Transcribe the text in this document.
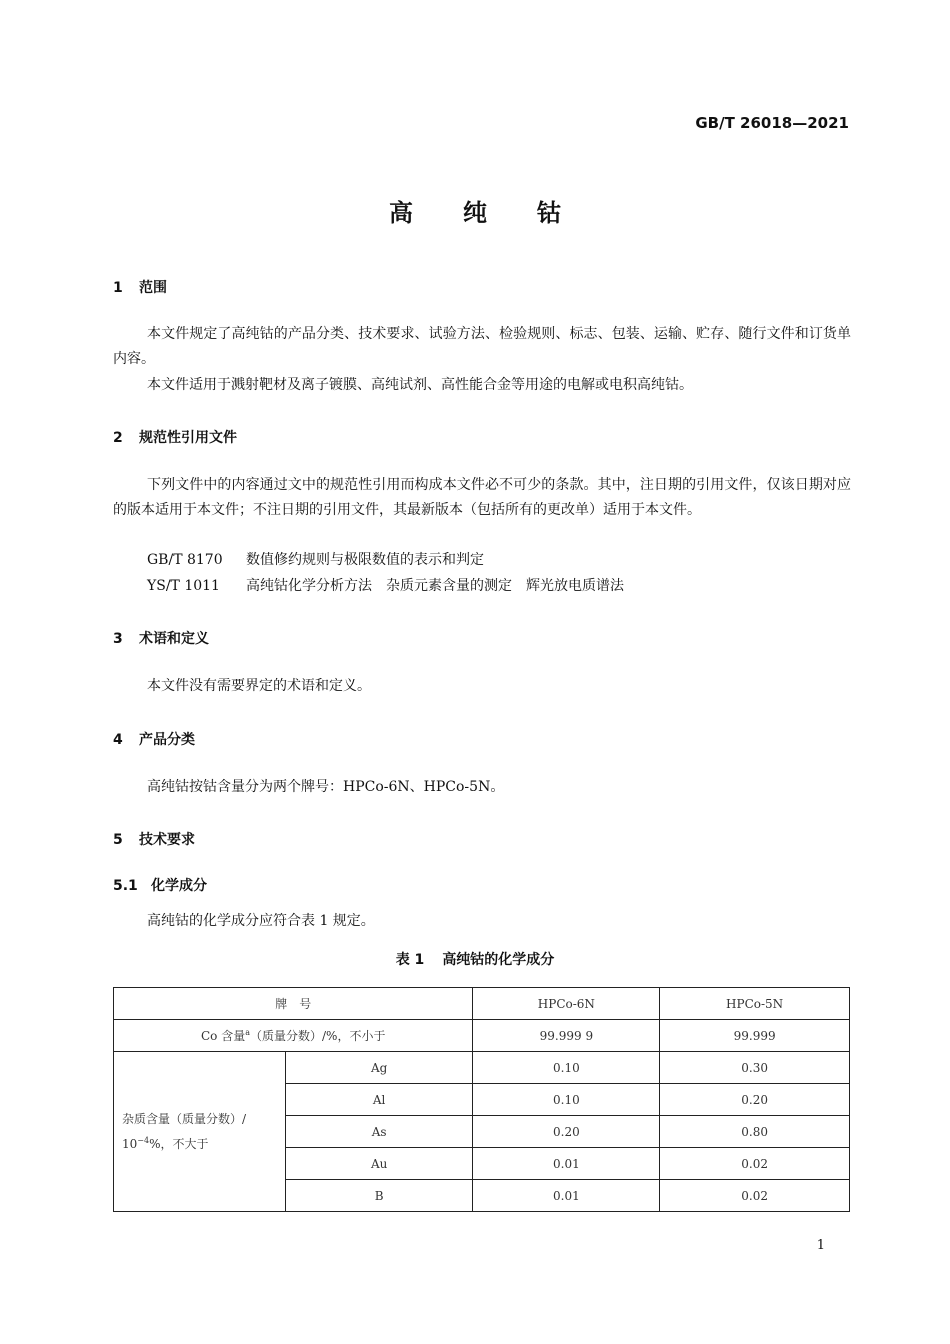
GB/T 26018—2021
高纯钴
1 范围
本文件规定了高纯钴的产品分类、技术要求、试验方法、检验规则、标志、包装、运输、贮存、随行文件和订货单内容。
本文件适用于溅射靶材及离子镀膜、高纯试剂、高性能合金等用途的电解或电积高纯钴。
2 规范性引用文件
下列文件中的内容通过文中的规范性引用而构成本文件必不可少的条款。其中，注日期的引用文件，仅该日期对应的版本适用于本文件；不注日期的引用文件，其最新版本（包括所有的更改单）适用于本文件。
GB/T 8170 数值修约规则与极限数值的表示和判定
YS/T 1011 高纯钴化学分析方法　杂质元素含量的测定　辉光放电质谱法
3 术语和定义
本文件没有需要界定的术语和定义。
4 产品分类
高纯钴按钴含量分为两个牌号：HPCo-6N、HPCo-5N。
5 技术要求
5.1 化学成分
高纯钴的化学成分应符合表 1 规定。
表 1 高纯钴的化学成分
牌　号		HPCo-6N	HPCo-5N
Co 含量$^a$（质量分数）/%，不小于		99.999 9	99.999
杂质含量（质量分数）/
$10^{-4}\%$，不大于	Ag	0.10	0.30
	Al	0.10	0.20
	As	0.20	0.80
	Au	0.01	0.02
	B	0.01	0.02
1
